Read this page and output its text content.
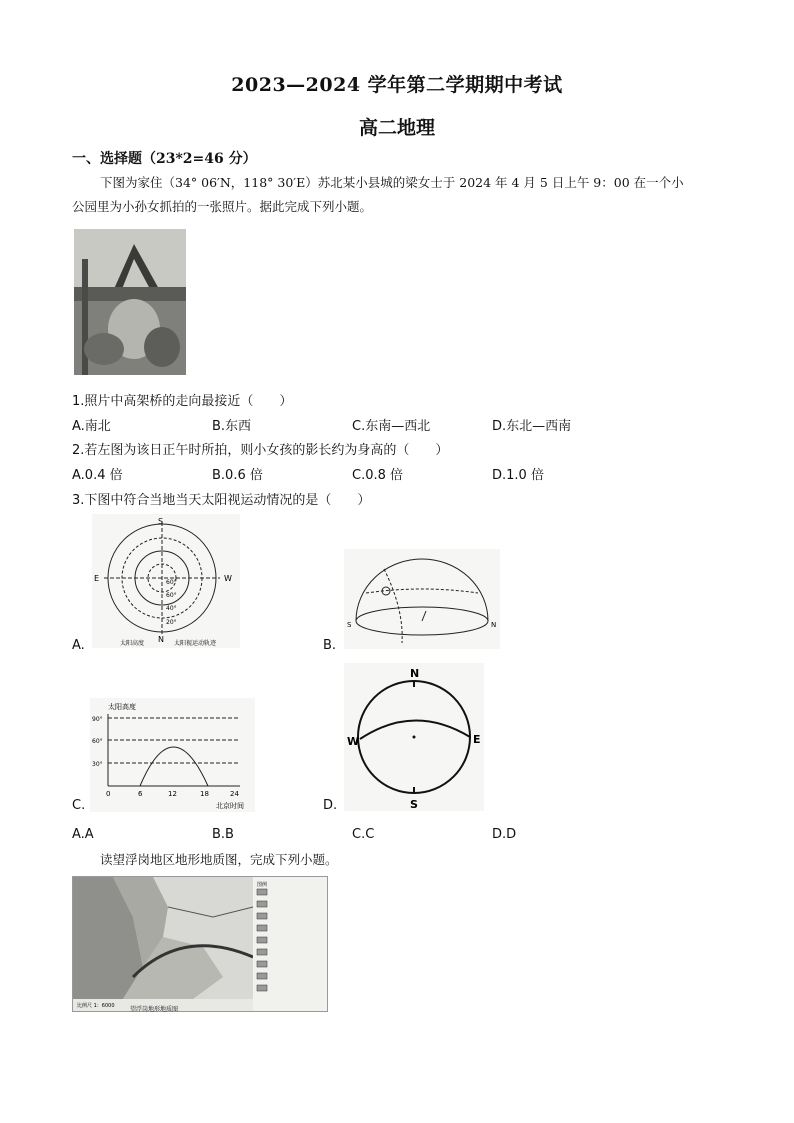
2023—2024 学年第二学期期中考试
高二地理
一、选择题（23*2=46 分）
下图为家住（34° 06′N，118° 30′E）苏北某小县城的梁女士于 2024 年 4 月 5 日上午 9：00 在一个小
公园里为小孙女抓拍的一张照片。据此完成下列小题。
1.照片中高架桥的走向最接近（　　）
A.南北	B.东西	C.东南—西北	D.东北—西南
2.若左图为该日正午时所拍，则小女孩的影长约为身高的（　　）
A.0.4 倍	B.0.6 倍	C.0.8 倍	D.1.0 倍
3.下图中符合当地当天太阳视运动情况的是（　　）
S
N
E	W
60°
60°
40°
20°
太阳高度	太阳视运动轨迹
A.
S	N
B.
太阳高度
90°
60°
30°
0	6	12	18	24
北京时间
C.
N
S
W	E
D.
A.A	B.B	C.C	D.D
读望浮岗地区地形地质图，完成下列小题。
图例
比例尺 1：6000	望浮岗地形地质图
